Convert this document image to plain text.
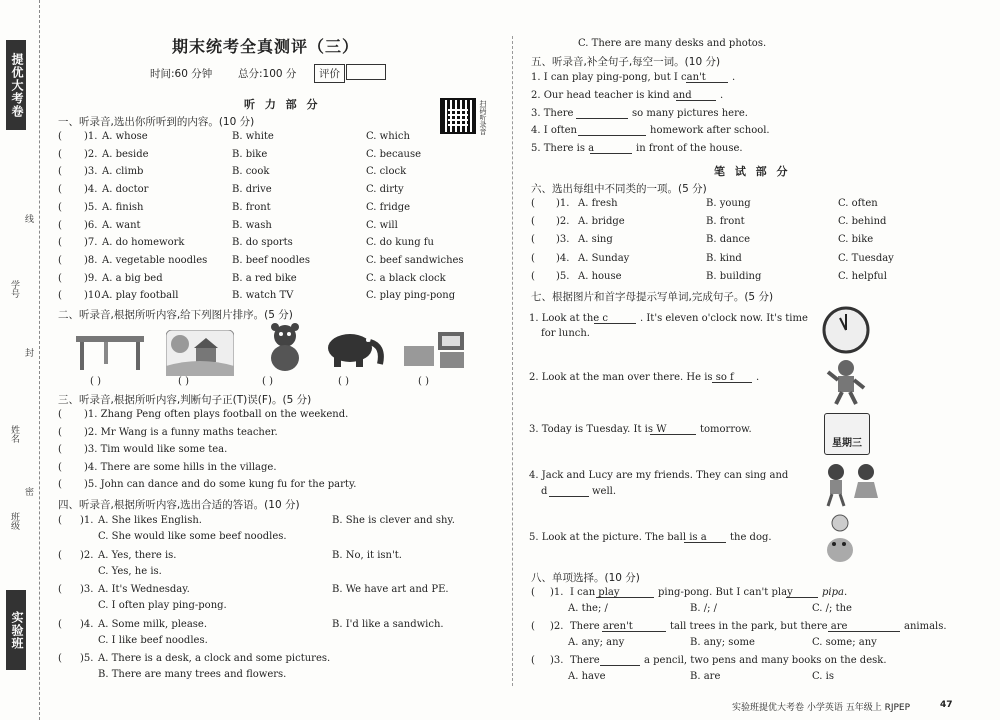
提优大考卷
学号
线
封
姓名
密
班级
实验班
期末统考全真测评（三）
时间:60 分钟 总分:100 分	评价
扫码听录音
听 力 部 分
一、听录音,选出你所听到的内容。(10 分)
( )1. A. whose	B. white	C. which
( )2. A. beside	B. bike	C. because
( )3. A. climb	B. cook	C. clock
( )4. A. doctor	B. drive	C. dirty
( )5. A. finish	B. front	C. fridge
( )6. A. want	B. wash	C. will
( )7. A. do homework	B. do sports	C. do kung fu
( )8. A. vegetable noodles B. beef noodles	C. beef sandwiches
( )9. A. a big bed	B. a red bike	C. a black clock
( )10.
A. play football	B. watch TV	C. play ping-pong
二、听录音,根据所听内容,给下列图片排序。(5 分)
( )	( )	( )	( )	( )
三、听录音,根据所听内容,判断句子正(T)误(F)。(5 分)
( )1. Zhang Peng often plays football on the weekend.
( )2. Mr Wang is a funny maths teacher.
( )3. Tim would like some tea.
( )4. There are some hills in the village.
( )5. John can dance and do some kung fu for the party.
四、听录音,根据所听内容,选出合适的答语。(10 分)
( )1. A. She likes English.	B. She is clever and shy.
C. She would like some beef noodles.
( )2. A. Yes, there is.	B. No, it isn't.
C. Yes, he is.
( )3. A. It's Wednesday.	B. We have art and PE.
C. I often play ping-pong.
( )4. A. Some milk, please.	B. I'd like a sandwich.
C. I like beef noodles.
( )5. A. There is a desk, a clock and some pictures.
B. There are many trees and flowers.
C. There are many desks and photos.
五、听录音,补全句子,每空一词。(10 分)
1. I can play ping-pong, but I can't	.
2. Our head teacher is kind and	.
3. There	so many pictures here.
4. I often	homework after school.
5. There is a	in front of the house.
笔 试 部 分
六、选出每组中不同类的一项。(5 分)
( )1. A. fresh	B. young	C. often
( )2. A. bridge	B. front	C. behind
( )3. A. sing	B. dance	C. bike
( )4. A. Sunday	B. kind	C. Tuesday
( )5. A. house	B. building	C. helpful
七、根据图片和首字母提示写单词,完成句子。(5 分)
1. Look at the c	. It's eleven o'clock now. It's time
for lunch.
2. Look at the man over there. He is so f .
3. Today is Tuesday. It is W	tomorrow.
4. Jack and Lucy are my friends. They can sing and
d	well.
5. Look at the picture. The ball is a the dog.
星期三
八、单项选择。(10 分)
( )1. I can play	ping-pong. But I can't play	pipa.
A. the; /	B. /; /	C. /; the
( )2. There aren't	tall trees in the park, but there are	animals.
A. any; any	B. any; some	C. some; any
( )3. There	a pencil, two pens and many books on the desk.
A. have	B. are	C. is
实验班提优大考卷 小学英语 五年级上 RJPEP	47
